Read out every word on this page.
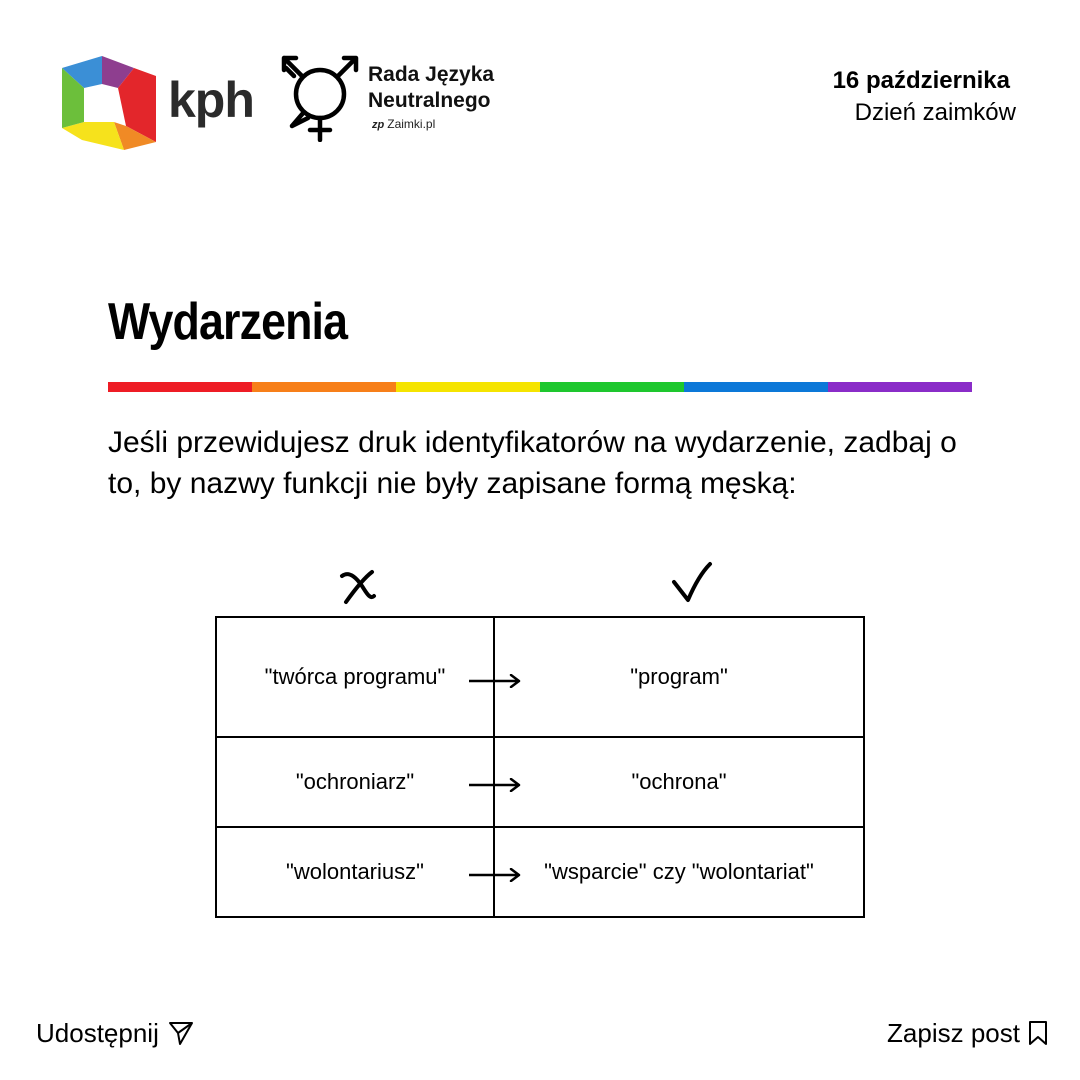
kph	Rada Języka
Neutralnego
zp Zaimki.pl
16 października
Dzień zaimków
Wydarzenia
Jeśli przewidujesz druk identyfikatorów na wydarzenie, zadbaj o to, by nazwy funkcji nie były zapisane formą męską:
"twórca programu"	"program"
"ochroniarz"	"ochrona"
"wolontariusz"	"wsparcie" czy "wolontariat"
Udostępnij	Zapisz post
